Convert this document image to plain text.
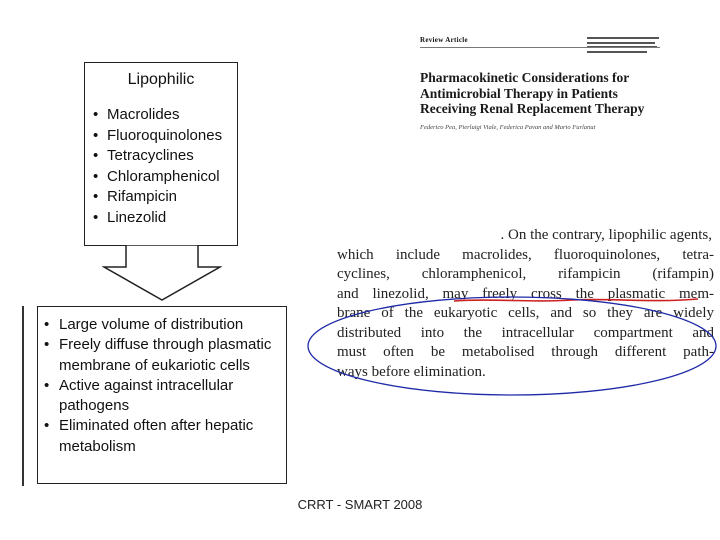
Lipophilic
• Macrolides
• Fluoroquinolones
• Tetracyclines
• Chloramphenicol
• Rifampicin
• Linezolid
• Large volume of distribution
• Freely diffuse through plasmatic membrane of eukariotic cells
• Active against intracellular pathogens
• Eliminated often after hepatic metabolism
Review Article
Pharmacokinetic Considerations for
Antimicrobial Therapy in Patients
Receiving Renal Replacement Therapy
Federico Pea, Pierluigi Viale, Federica Pavan and Mario Furlanut
. On the contrary, lipophilic agents,
which include macrolides, fluoroquinolones, tetra-
cyclines, chloramphenicol, rifampicin (rifampin)
and linezolid, may freely cross the plasmatic mem-
brane of the eukaryotic cells, and so they are widely
distributed into the intracellular compartment and
must often be metabolised through different path-
ways before elimination.
CRRT - SMART 2008
